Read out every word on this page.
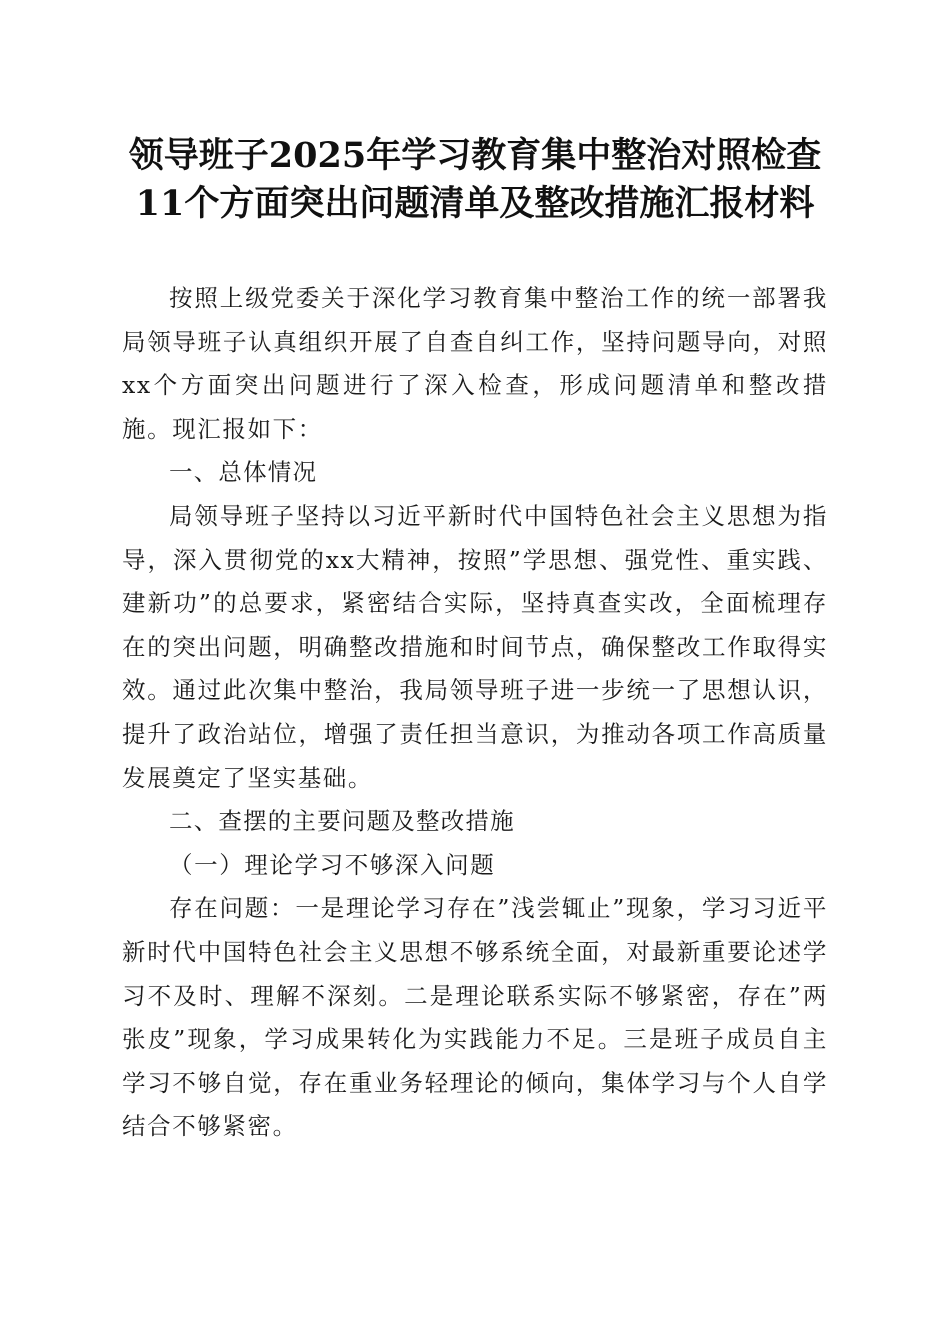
领导班子2025年学习教育集中整治对照检查
11个方面突出问题清单及整改措施汇报材料

按照上级党委关于深化学习教育集中整治工作的统一部署我局领导班子认真组织开展了自查自纠工作，坚持问题导向，对照xx个方面突出问题进行了深入检查，形成问题清单和整改措施。现汇报如下：

一、总体情况

局领导班子坚持以习近平新时代中国特色社会主义思想为指导，深入贯彻党的xx大精神，按照”学思想、强党性、重实践、建新功”的总要求，紧密结合实际，坚持真查实改，全面梳理存在的突出问题，明确整改措施和时间节点，确保整改工作取得实效。通过此次集中整治，我局领导班子进一步统一了思想认识，提升了政治站位，增强了责任担当意识，为推动各项工作高质量发展奠定了坚实基础。

二、查摆的主要问题及整改措施

（一）理论学习不够深入问题

存在问题：一是理论学习存在”浅尝辄止”现象，学习习近平新时代中国特色社会主义思想不够系统全面，对最新重要论述学习不及时、理解不深刻。二是理论联系实际不够紧密，存在”两张皮”现象，学习成果转化为实践能力不足。三是班子成员自主学习不够自觉，存在重业务轻理论的倾向，集体学习与个人自学结合不够紧密。
